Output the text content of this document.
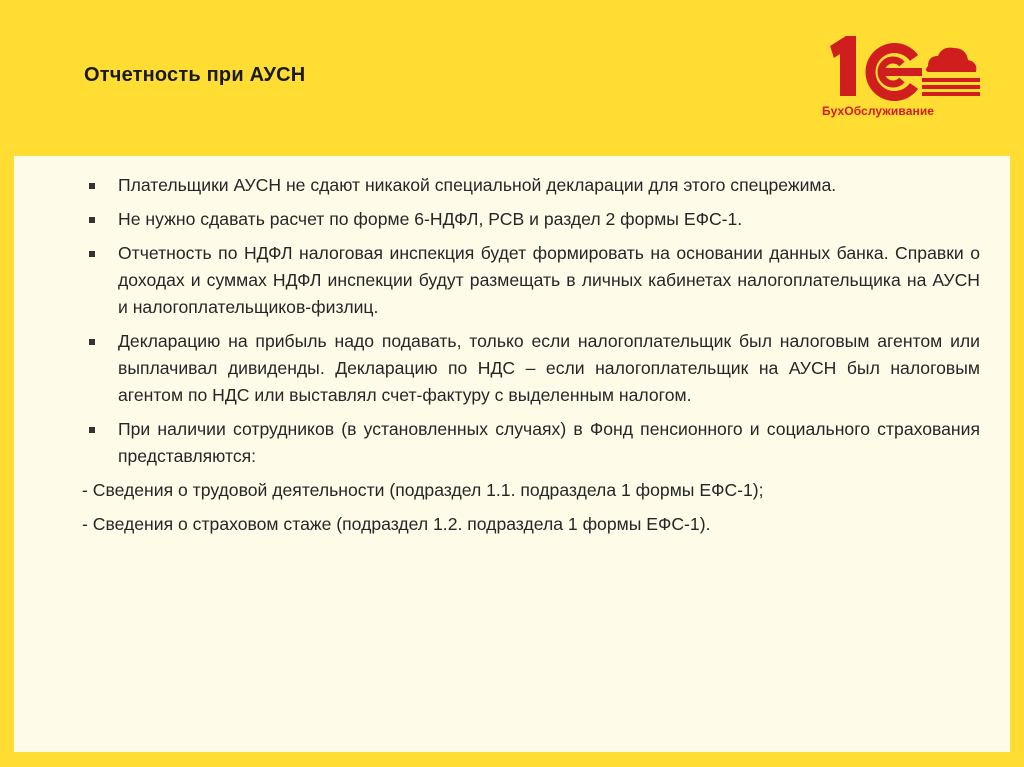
Отчетность при АУСН
БухОбслуживание
Плательщики АУСН не сдают никакой специальной декларации для этого спецрежима.
Не нужно сдавать расчет по форме 6-НДФЛ, РСВ и раздел 2 формы ЕФС-1.
Отчетность по НДФЛ налоговая инспекция будет формировать на основании данных банка. Справки о доходах и суммах НДФЛ инспекции будут размещать в личных кабинетах налогоплательщика на АУСН и налогоплательщиков-физлиц.
Декларацию на прибыль надо подавать, только если налогоплательщик был налоговым агентом или выплачивал дивиденды. Декларацию по НДС – если налогоплательщик на АУСН был налоговым агентом по НДС или выставлял счет-фактуру с выделенным налогом.
При наличии сотрудников (в установленных случаях) в Фонд пенсионного и социального страхования представляются:
- Сведения о трудовой деятельности (подраздел 1.1. подраздела 1 формы ЕФС-1);
- Сведения о страховом стаже (подраздел 1.2. подраздела 1 формы ЕФС-1).
